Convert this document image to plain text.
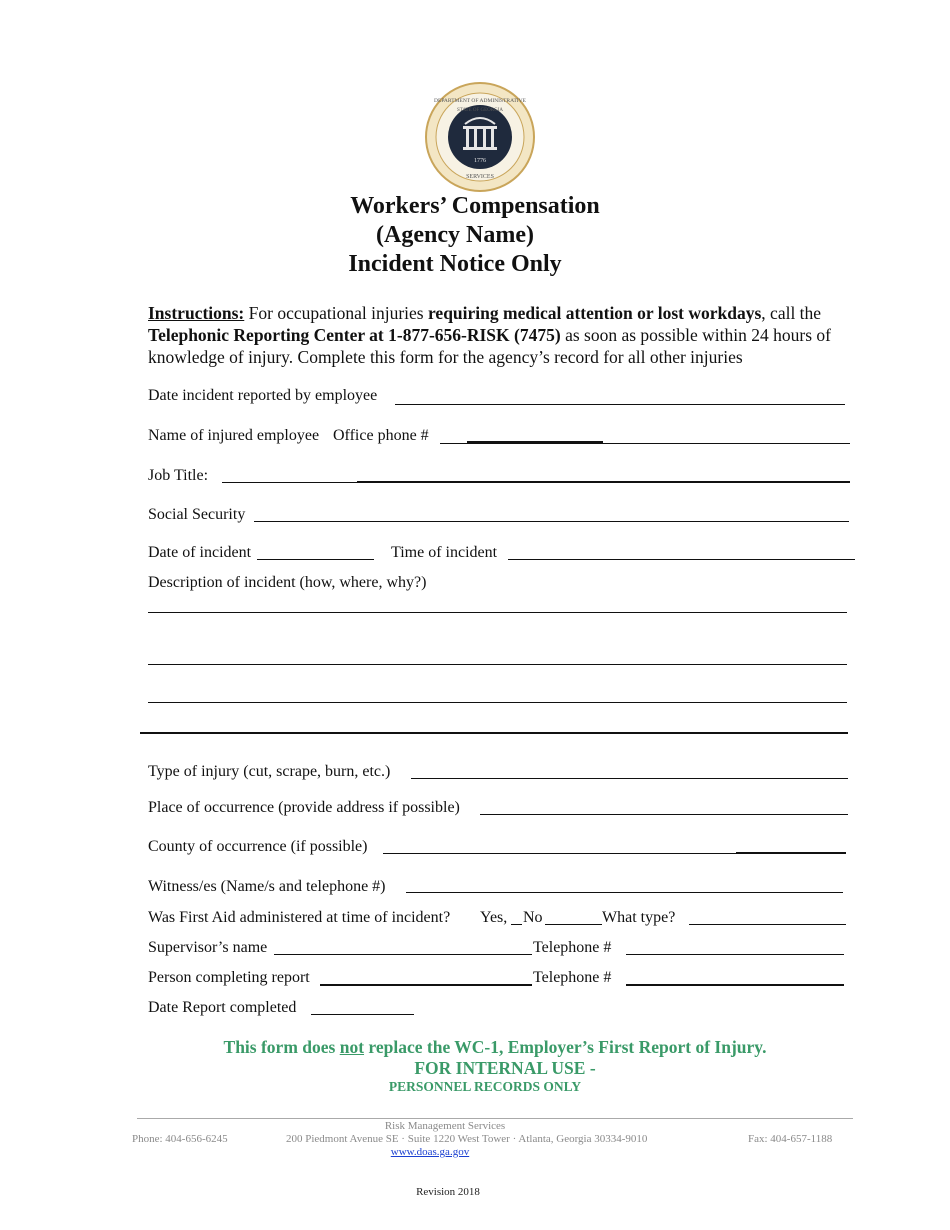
1776
DEPARTMENT OF ADMINISTRATIVE
SERVICES
STATE OF GEORGIA
Workers’ Compensation
(Agency Name)
Incident Notice Only
Instructions: For occupational injuries requiring medical attention or lost workdays, call the Telephonic Reporting Center at 1-877-656-RISK (7475) as soon as possible within 24 hours of knowledge of injury. Complete this form for the agency’s record for all other injuries
Date incident reported by employee
Name of injured employee Office phone #
Job Title:
Social Security
Date of incident	Time of incident
Description of incident (how, where, why?)
Type of injury (cut, scrape, burn, etc.)
Place of occurrence (provide address if possible)
County of occurrence (if possible)
Witness/es (Name/s and telephone #)
Was First Aid administered at time of incident? Yes, No	What type?
Supervisor’s name	Telephone #
Person completing report	Telephone #
Date Report completed
This form does not replace the WC-1, Employer’s First Report of Injury.
FOR INTERNAL USE -
PERSONNEL RECORDS ONLY
Risk Management Services
Phone: 404-656-6245	200 Piedmont Avenue SE · Suite 1220 West Tower · Atlanta, Georgia 30334-9010	Fax: 404-657-1188
www.doas.ga.gov
Revision 2018
